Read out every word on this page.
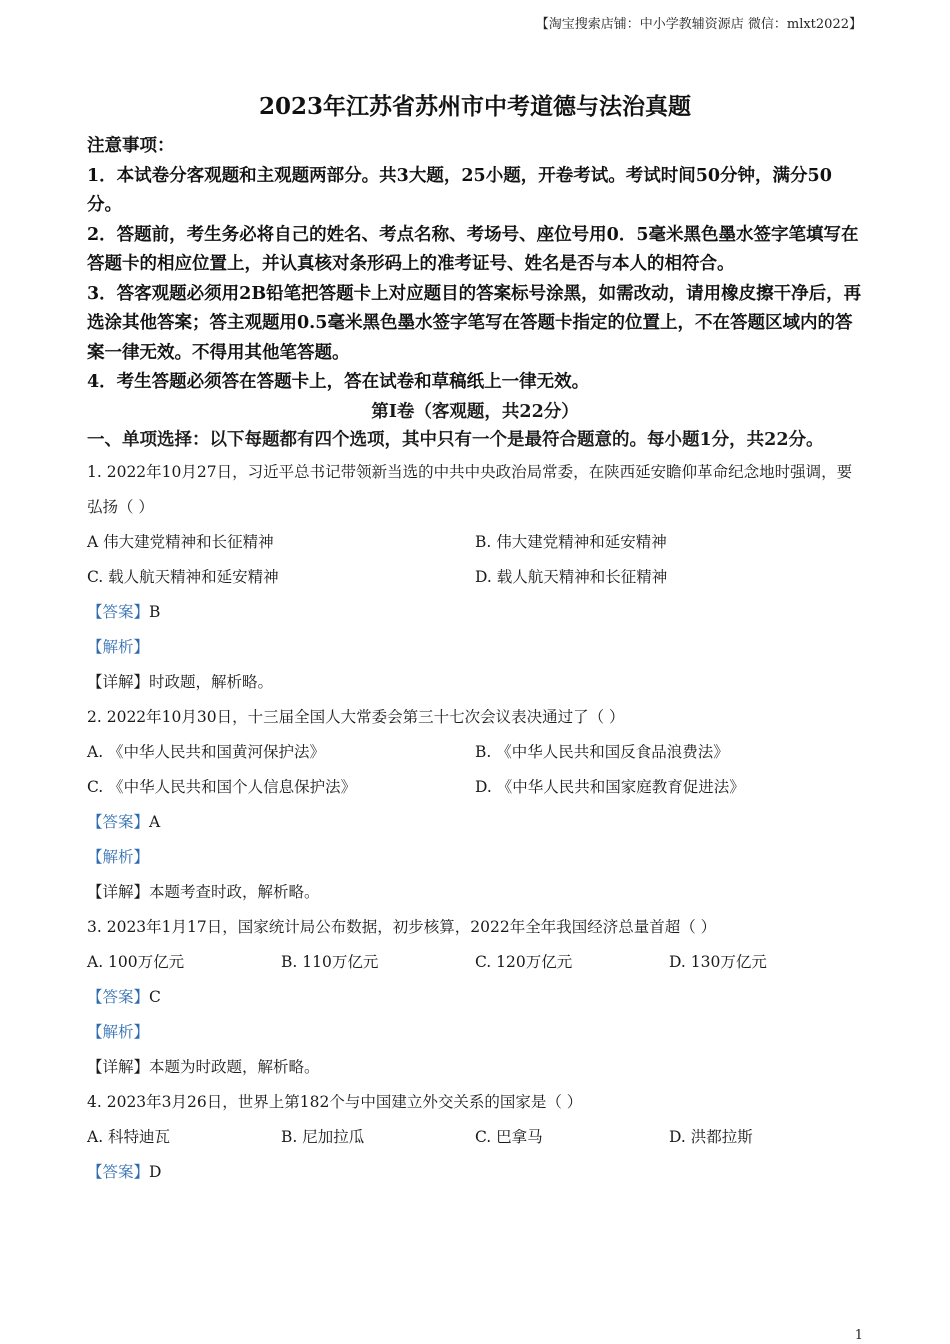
【淘宝搜索店铺：中小学教辅资源店 微信：mlxt2022】
2023年江苏省苏州市中考道德与法治真题
注意事项：
1．本试卷分客观题和主观题两部分。共3大题，25小题，开卷考试。考试时间50分钟，满分50分。
2．答题前，考生务必将自己的姓名、考点名称、考场号、座位号用0．5毫米黑色墨水签字笔填写在答题卡的相应位置上，并认真核对条形码上的准考证号、姓名是否与本人的相符合。
3．答客观题必须用2B铅笔把答题卡上对应题目的答案标号涂黑，如需改动，请用橡皮擦干净后，再选涂其他答案；答主观题用0.5毫米黑色墨水签字笔写在答题卡指定的位置上，不在答题区域内的答案一律无效。不得用其他笔答题。
4．考生答题必须答在答题卡上，答在试卷和草稿纸上一律无效。
第I卷（客观题，共22分）
一、单项选择：以下每题都有四个选项，其中只有一个是最符合题意的。每小题1分，共22分。
1. 2022年10月27日，习近平总书记带领新当选的中共中央政治局常委，在陕西延安瞻仰革命纪念地时强调，要弘扬（ ）
A 伟大建党精神和长征精神	B. 伟大建党精神和延安精神
C. 载人航天精神和延安精神	D. 载人航天精神和长征精神
【答案】B
【解析】
【详解】时政题，解析略。
2. 2022年10月30日，十三届全国人大常委会第三十七次会议表决通过了（ ）
A. 《中华人民共和国黄河保护法》	B. 《中华人民共和国反食品浪费法》
C. 《中华人民共和国个人信息保护法》	D. 《中华人民共和国家庭教育促进法》
【答案】A
【解析】
【详解】本题考查时政，解析略。
3. 2023年1月17日，国家统计局公布数据，初步核算，2022年全年我国经济总量首超（ ）
A. 100万亿元	B. 110万亿元	C. 120万亿元	D. 130万亿元
【答案】C
【解析】
【详解】本题为时政题，解析略。
4. 2023年3月26日，世界上第182个与中国建立外交关系的国家是（ ）
A. 科特迪瓦	B. 尼加拉瓜	C. 巴拿马	D. 洪都拉斯
【答案】D
1
